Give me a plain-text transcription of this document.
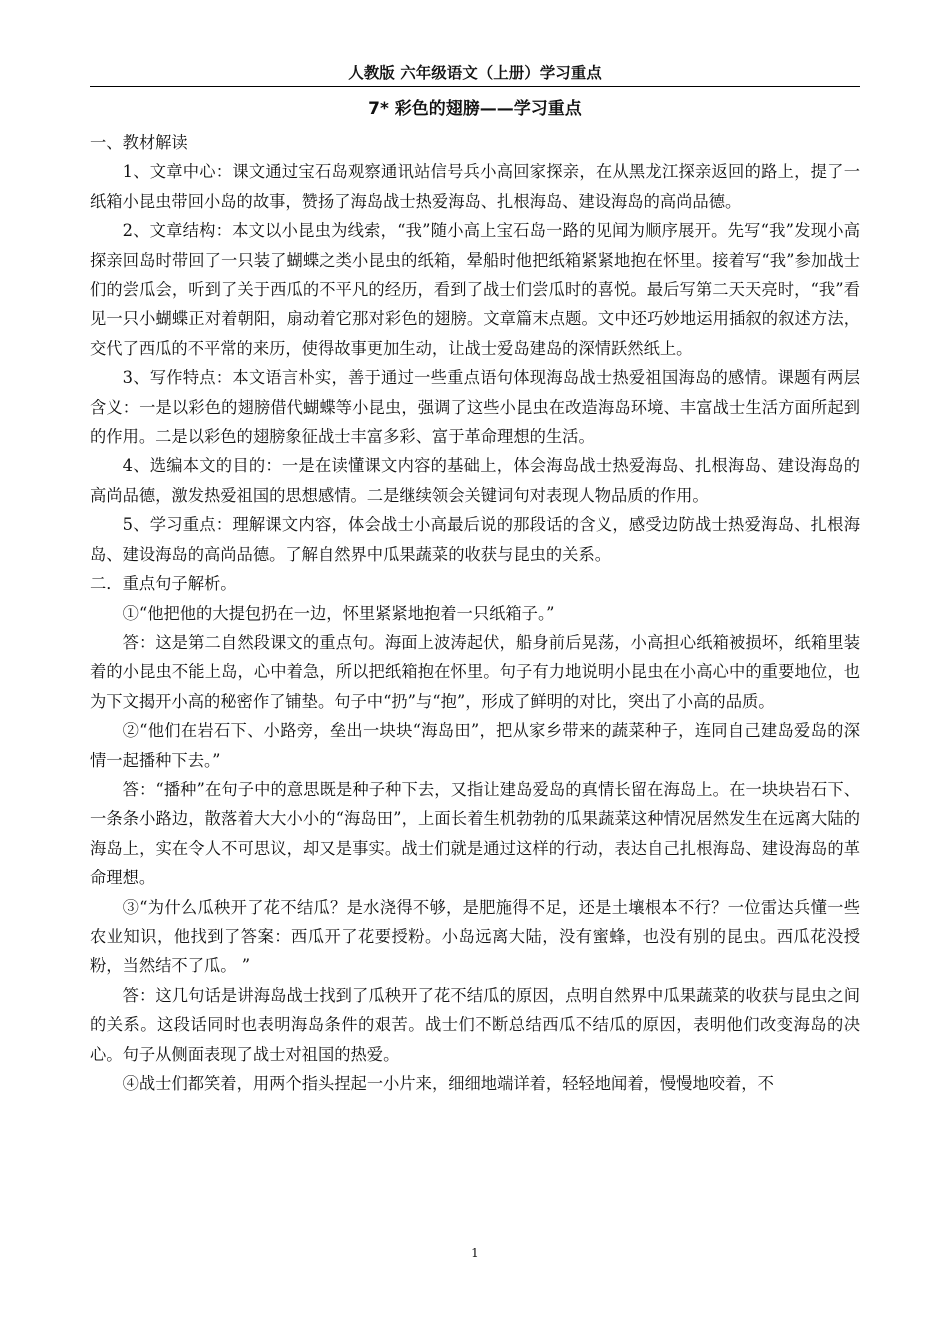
人教版 六年级语文（上册）学习重点
7* 彩色的翅膀——学习重点

一、教材解读

1、文章中心：课文通过宝石岛观察通讯站信号兵小高回家探亲，在从黑龙江探亲返回的路上，提了一纸箱小昆虫带回小岛的故事，赞扬了海岛战士热爱海岛、扎根海岛、建设海岛的高尚品德。

2、文章结构：本文以小昆虫为线索，“我”随小高上宝石岛一路的见闻为顺序展开。先写“我”发现小高探亲回岛时带回了一只装了蝴蝶之类小昆虫的纸箱，晕船时他把纸箱紧紧地抱在怀里。接着写“我”参加战士们的尝瓜会，听到了关于西瓜的不平凡的经历，看到了战士们尝瓜时的喜悦。最后写第二天天亮时，“我”看见一只小蝴蝶正对着朝阳，扇动着它那对彩色的翅膀。文章篇末点题。文中还巧妙地运用插叙的叙述方法，交代了西瓜的不平常的来历，使得故事更加生动，让战士爱岛建岛的深情跃然纸上。

3、写作特点：本文语言朴实，善于通过一些重点语句体现海岛战士热爱祖国海岛的感情。课题有两层含义：一是以彩色的翅膀借代蝴蝶等小昆虫，强调了这些小昆虫在改造海岛环境、丰富战士生活方面所起到的作用。二是以彩色的翅膀象征战士丰富多彩、富于革命理想的生活。

4、选编本文的目的：一是在读懂课文内容的基础上，体会海岛战士热爱海岛、扎根海岛、建设海岛的高尚品德，激发热爱祖国的思想感情。二是继续领会关键词句对表现人物品质的作用。

5、学习重点：理解课文内容，体会战士小高最后说的那段话的含义，感受边防战士热爱海岛、扎根海岛、建设海岛的高尚品德。了解自然界中瓜果蔬菜的收获与昆虫的关系。

二．重点句子解析。

①“他把他的大提包扔在一边，怀里紧紧地抱着一只纸箱子。”

答：这是第二自然段课文的重点句。海面上波涛起伏，船身前后晃荡，小高担心纸箱被损坏，纸箱里装着的小昆虫不能上岛，心中着急，所以把纸箱抱在怀里。句子有力地说明小昆虫在小高心中的重要地位，也为下文揭开小高的秘密作了铺垫。句子中“扔”与“抱”，形成了鲜明的对比，突出了小高的品质。

②“他们在岩石下、小路旁，垒出一块块“海岛田”，把从家乡带来的蔬菜种子，连同自己建岛爱岛的深情一起播种下去。”

答：“播种”在句子中的意思既是种子种下去，又指让建岛爱岛的真情长留在海岛上。在一块块岩石下、一条条小路边，散落着大大小小的“海岛田”，上面长着生机勃勃的瓜果蔬菜这种情况居然发生在远离大陆的海岛上，实在令人不可思议，却又是事实。战士们就是通过这样的行动，表达自己扎根海岛、建设海岛的革命理想。

③“为什么瓜秧开了花不结瓜？是水浇得不够，是肥施得不足，还是土壤根本不行？一位雷达兵懂一些农业知识，他找到了答案：西瓜开了花要授粉。小岛远离大陆，没有蜜蜂，也没有别的昆虫。西瓜花没授粉，当然结不了瓜。 ”

答：这几句话是讲海岛战士找到了瓜秧开了花不结瓜的原因，点明自然界中瓜果蔬菜的收获与昆虫之间的关系。这段话同时也表明海岛条件的艰苦。战士们不断总结西瓜不结瓜的原因，表明他们改变海岛的决心。句子从侧面表现了战士对祖国的热爱。

④战士们都笑着，用两个指头捏起一小片来，细细地端详着，轻轻地闻着，慢慢地咬着，不

1
